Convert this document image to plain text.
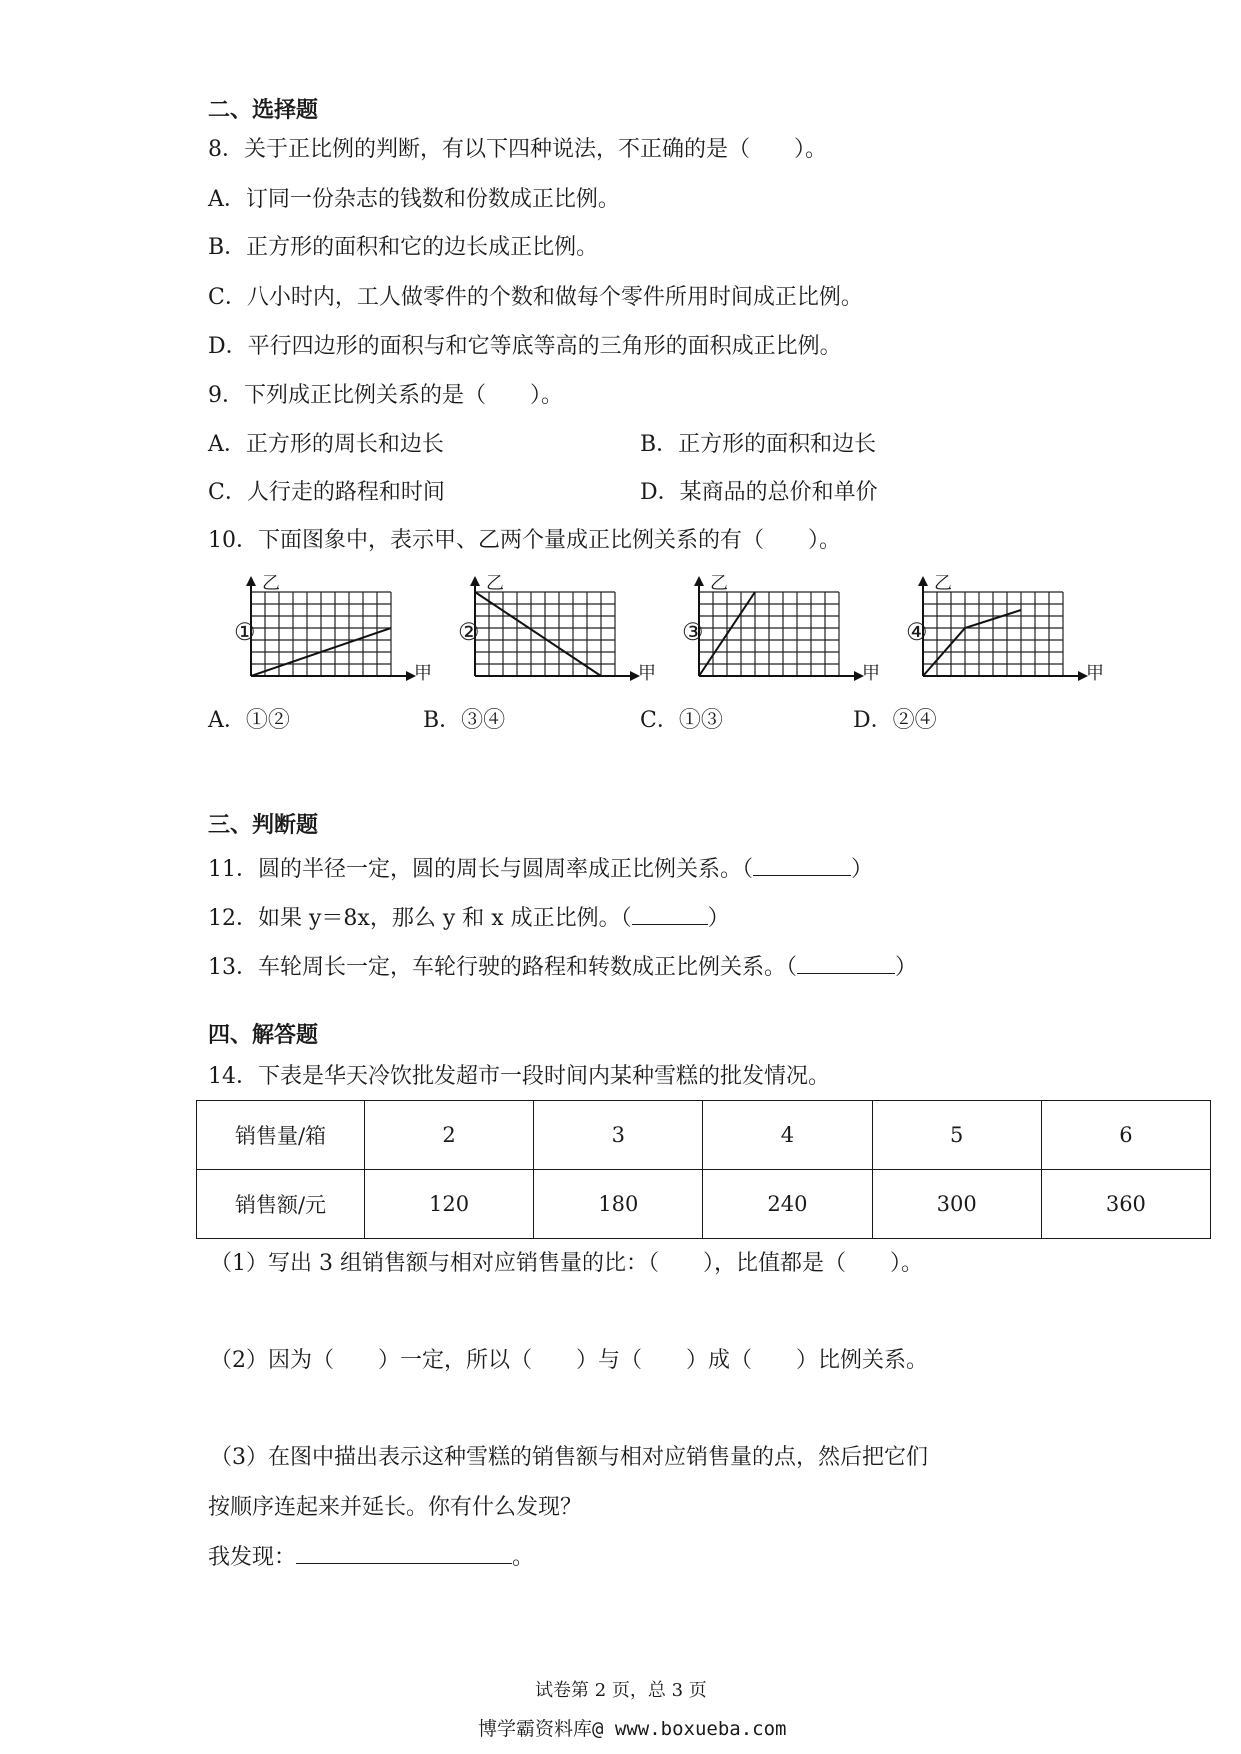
二、选择题
8．关于正比例的判断，有以下四种说法，不正确的是（　　）。
A．订同一份杂志的钱数和份数成正比例。
B．正方形的面积和它的边长成正比例。
C．八小时内，工人做零件的个数和做每个零件所用时间成正比例。
D．平行四边形的面积与和它等底等高的三角形的面积成正比例。
9．下列成正比例关系的是（　　）。
A．正方形的周长和边长	B．正方形的面积和边长
C．人行走的路程和时间	D．某商品的总价和单价
10．下面图象中，表示甲、乙两个量成正比例关系的有（　　）。
①
乙
甲
②
乙
甲
③
乙
甲
④
乙
甲
A．①②	B．③④	C．①③	D．②④
三、判断题
11．圆的半径一定，圆的周长与圆周率成正比例关系。（	）
12．如果 y＝8x，那么 y 和 x 成正比例。（	）
13．车轮周长一定，车轮行驶的路程和转数成正比例关系。（	）
四、解答题
14．下表是华天冷饮批发超市一段时间内某种雪糕的批发情况。
销售量/箱	2	3	4	5	6
销售额/元	120	180	240	300	360
（1）写出 3 组销售额与相对应销售量的比：（　　），比值都是（　　）。
（2）因为（　　）一定，所以（　　）与（　　）成（　　）比例关系。
（3）在图中描出表示这种雪糕的销售额与相对应销售量的点，然后把它们
按顺序连起来并延长。你有什么发现？
我发现：	。
试卷第 2 页，总 3 页
博学霸资料库@ www.boxueba.com
